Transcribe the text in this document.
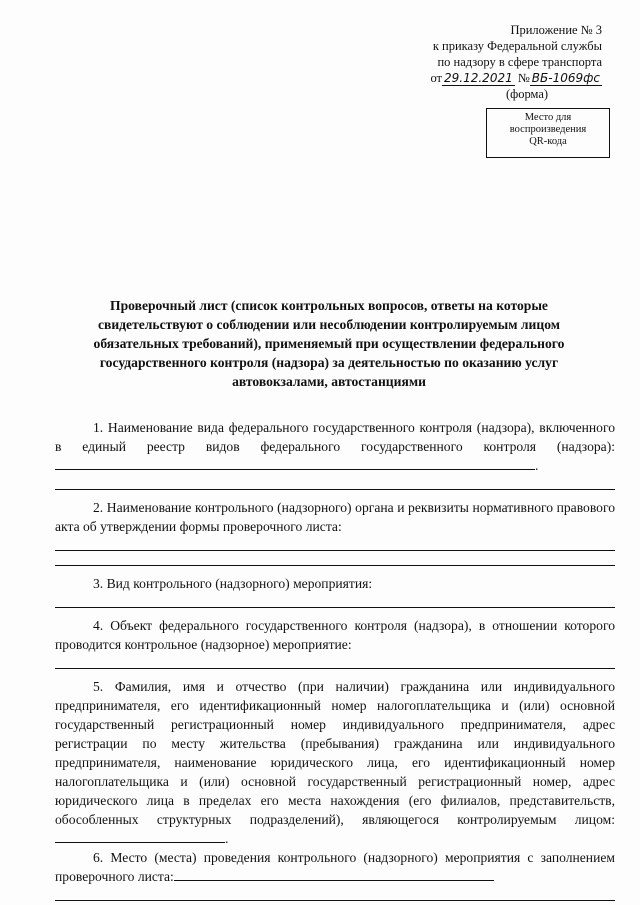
Приложение № 3
к приказу Федеральной службы
по надзору в сфере транспорта
от 29.12.2021 № ВБ-1069фс
(форма)
Место для
воспроизведения
QR-кода
Проверочный лист (список контрольных вопросов, ответы на которые свидетельствуют о соблюдении или несоблюдении контролируемым лицом обязательных требований), применяемый при осуществлении федерального государственного контроля (надзора) за деятельностью по оказанию услуг автовокзалами, автостанциями

1. Наименование вида федерального государственного контроля (надзора), включенного в единый реестр видов федерального государственного контроля (надзора):.

2. Наименование контрольного (надзорного) органа и реквизиты нормативного правового акта об утверждении формы проверочного листа:

3. Вид контрольного (надзорного) мероприятия:

4. Объект федерального государственного контроля (надзора), в отношении которого проводится контрольное (надзорное) мероприятие:

5. Фамилия, имя и отчество (при наличии) гражданина или индивидуального предпринимателя, его идентификационный номер налогоплательщика и (или) основной государственный регистрационный номер индивидуального предпринимателя, адрес регистрации по месту жительства (пребывания) гражданина или индивидуального предпринимателя, наименование юридического лица, его идентификационный номер налогоплательщика и (или) основной государственный регистрационный номер, адрес юридического лица в пределах его места нахождения (его филиалов, представительств, обособленных структурных подразделений), являющегося контролируемым лицом:.

6. Место (места) проведения контрольного (надзорного) мероприятия с заполнением проверочного листа:
